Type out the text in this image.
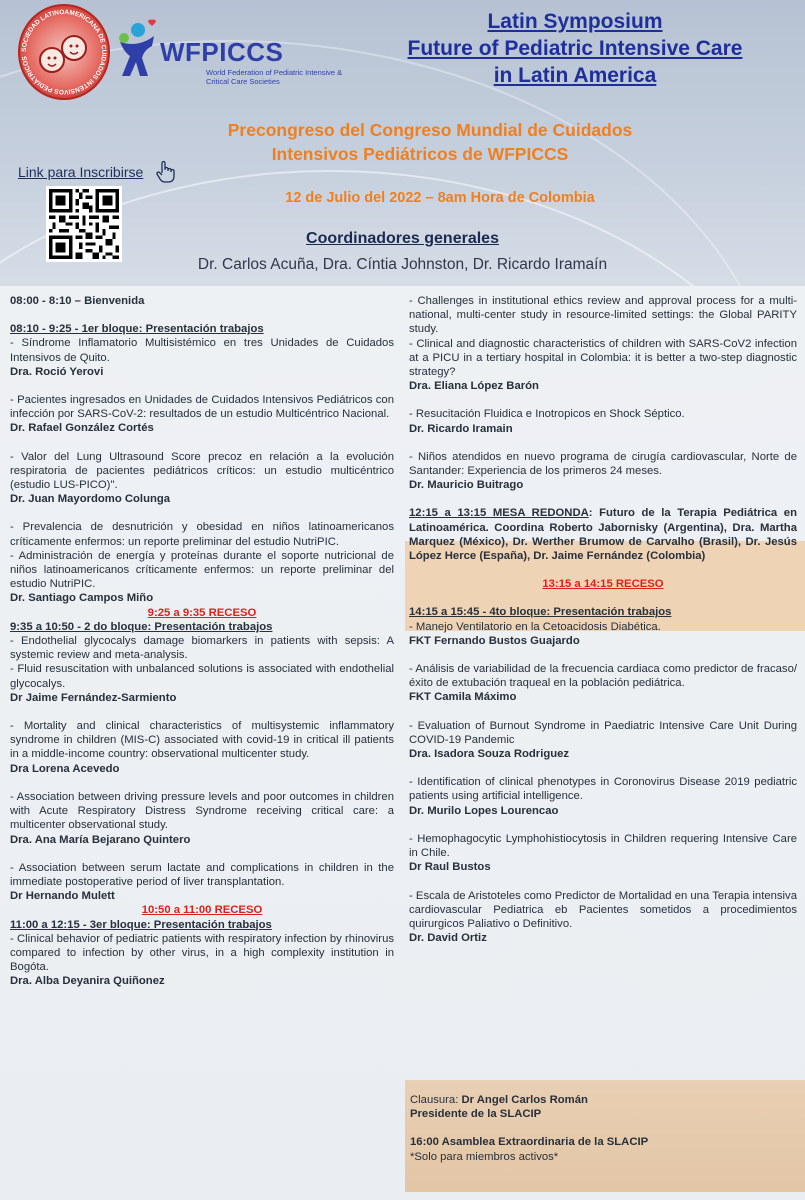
SOCIEDAD LATINOAMERICANA DE CUIDADOS INTENSIVOS PEDIÁTRICOS	WFPICCS
World Federation of Pediatric Intensive & Critical Care Societies
Latin Symposium
Future of Pediatric Intensive Care
in Latin America
Precongreso del Congreso Mundial de Cuidados
Intensivos Pediátricos de WFPICCS
Link para Inscribirse
12 de Julio del 2022 – 8am Hora de Colombia
Coordinadores generales
Dr. Carlos Acuña, Dra. Cíntia Johnston, Dr. Ricardo Iramaín
08:00 - 8:10 – Bienvenida
08:10 - 9:25 - 1er bloque: Presentación trabajos
- Síndrome Inflamatorio Multisistémico en tres Unidades de Cuidados Intensivos de Quito.
Dra. Roció Yerovi
- Pacientes ingresados en Unidades de Cuidados Intensivos Pediátricos con infección por SARS-CoV-2: resultados de un estudio Multicéntrico Nacional.
Dr. Rafael González Cortés
- Valor del Lung Ultrasound Score precoz en relación a la evolución respiratoria de pacientes pediátricos críticos: un estudio multicéntrico (estudio LUS-PICO)".
Dr. Juan Mayordomo Colunga
- Prevalencia de desnutrición y obesidad en niños latinoamericanos críticamente enfermos: un reporte preliminar del estudio NutriPIC.
- Administración de energía y proteínas durante el soporte nutricional de niños latinoamericanos críticamente enfermos: un reporte preliminar del estudio NutriPIC.
Dr. Santiago Campos Miño
9:25 a 9:35 RECESO
9:35 a 10:50 - 2 do bloque: Presentación trabajos
- Endothelial glycocalys damage biomarkers in patients with sepsis: A systemic review and meta-analysis.
- Fluid resuscitation with unbalanced solutions is associated with endothelial glycocalys.
Dr Jaime Fernández-Sarmiento
- Mortality and clinical characteristics of multisystemic inflammatory syndrome in children (MIS-C) associated with covid-19 in critical ill patients in a middle-income country: observational multicenter study.
Dra Lorena Acevedo
- Association between driving pressure levels and poor outcomes in children with Acute Respiratory Distress Syndrome receiving critical care: a multicenter observational study.
Dra. Ana María Bejarano Quintero
- Association between serum lactate and complications in children in the immediate postoperative period of liver transplantation.
Dr Hernando Mulett
10:50 a 11:00 RECESO
11:00 a 12:15 - 3er bloque: Presentación trabajos
- Clinical behavior of pediatric patients with respiratory infection by rhinovirus compared to infection by other virus, in a high complexity institution in Bogóta.
Dra. Alba Deyanira Quiñonez
- Challenges in institutional ethics review and approval process for a multi-national, multi-center study in resource-limited settings: the Global PARITY study.
- Clinical and diagnostic characteristics of children with SARS-CoV2 infection at a PICU in a tertiary hospital in Colombia: it is better a two-step diagnostic strategy?
Dra. Eliana López Barón
- Resucitación Fluidica e Inotropicos en Shock Séptico.
Dr. Ricardo Iramain
- Niños atendidos en nuevo programa de cirugía cardiovascular, Norte de Santander: Experiencia de los primeros 24 meses.
Dr. Mauricio Buitrago
12:15 a 13:15 MESA REDONDA: Futuro de la Terapia Pediátrica en Latinoamérica. Coordina Roberto Jabornisky (Argentina), Dra. Martha Marquez (México), Dr. Werther Brumow de Carvalho (Brasil), Dr. Jesús López Herce (España), Dr. Jaime Fernández (Colombia)
13:15 a 14:15 RECESO
14:15 a 15:45 - 4to bloque: Presentación trabajos
- Manejo Ventilatorio en la Cetoacidosis Diabética.
FKT Fernando Bustos Guajardo
- Análisis de variabilidad de la frecuencia cardiaca como predictor de fracaso/éxito de extubación traqueal en la población pediátrica.
FKT Camila Máximo
- Evaluation of Burnout Syndrome in Paediatric Intensive Care Unit During COVID-19 Pandemic
Dra. Isadora Souza Rodriguez
- Identification of clinical phenotypes in Coronovirus Disease 2019 pediatric patients using artificial intelligence.
Dr. Murilo Lopes Lourencao
- Hemophagocytic Lymphohistiocytosis in Children requering Intensive Care in Chile.
Dr Raul Bustos
- Escala de Aristoteles como Predictor de Mortalidad en una Terapia intensiva cardiovascular Pediatrica eb Pacientes sometidos a procedimientos quirurgicos Paliativo o Definitivo.
Dr. David Ortiz
Clausura: Dr Angel Carlos Román
Presidente de la SLACIP
16:00 Asamblea Extraordinaria de la SLACIP
*Solo para miembros activos*
